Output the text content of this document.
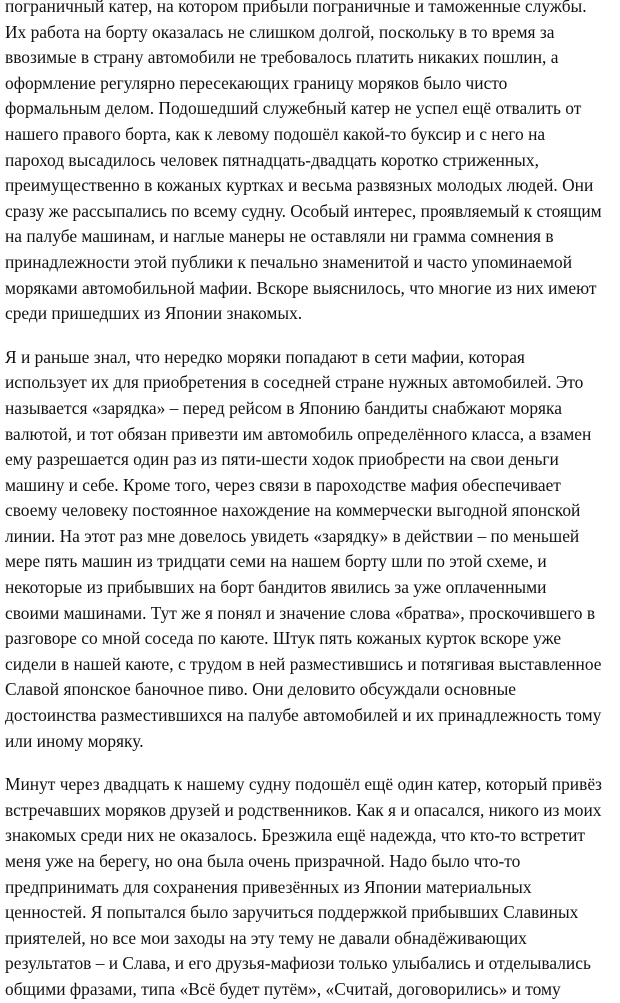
пограничный катер, на котором прибыли пограничные и таможенные службы.
Их работа на борту оказалась не слишком долгой, поскольку в то время за
ввозимые в страну автомобили не требовалось платить никаких пошлин, а
оформление регулярно пересекающих границу моряков было чисто
формальным делом. Подошедший служебный катер не успел ещё отвалить от
нашего правого борта, как к левому подошёл какой-то буксир и с него на
пароход высадилось человек пятнадцать-двадцать коротко стриженных,
преимущественно в кожаных куртках и весьма развязных молодых людей. Они
сразу же рассыпались по всему судну. Особый интерес, проявляемый к стоящим
на палубе машинам, и наглые манеры не оставляли ни грамма сомнения в
принадлежности этой публики к печально знаменитой и часто упоминаемой
моряками автомобильной мафии. Вскоре выяснилось, что многие из них имеют
среди пришедших из Японии знакомых.
Я и раньше знал, что нередко моряки попадают в сети мафии, которая
использует их для приобретения в соседней стране нужных автомобилей. Это
называется «зарядка» – перед рейсом в Японию бандиты снабжают моряка
валютой, и тот обязан привезти им автомобиль определённого класса, а взамен
ему разрешается один раз из пяти-шести ходок приобрести на свои деньги
машину и себе. Кроме того, через связи в пароходстве мафия обеспечивает
своему человеку постоянное нахождение на коммерчески выгодной японской
линии. На этот раз мне довелось увидеть «зарядку» в действии – по меньшей
мере пять машин из тридцати семи на нашем борту шли по этой схеме, и
некоторые из прибывших на борт бандитов явились за уже оплаченными
своими машинами. Тут же я понял и значение слова «братва», проскочившего в
разговоре со мной соседа по каюте. Штук пять кожаных курток вскоре уже
сидели в нашей каюте, с трудом в ней разместившись и потягивая выставленное
Славой японское баночное пиво. Они деловито обсуждали основные
достоинства разместившихся на палубе автомобилей и их принадлежность тому
или иному моряку.
Минут через двадцать к нашему судну подошёл ещё один катер, который привёз
встречавших моряков друзей и родственников. Как я и опасался, никого из моих
знакомых среди них не оказалось. Брезжила ещё надежда, что кто-то встретит
меня уже на берегу, но она была очень призрачной. Надо было что-то
предпринимать для сохранения привезённых из Японии материальных
ценностей. Я попытался было заручиться поддержкой прибывших Славиных
приятелей, но все мои заходы на эту тему не давали обнадёживающих
результатов – и Слава, и его друзья-мафиози только улыбались и отделывались
общими фразами, типа «Всё будет путём», «Считай, договорились» и тому
